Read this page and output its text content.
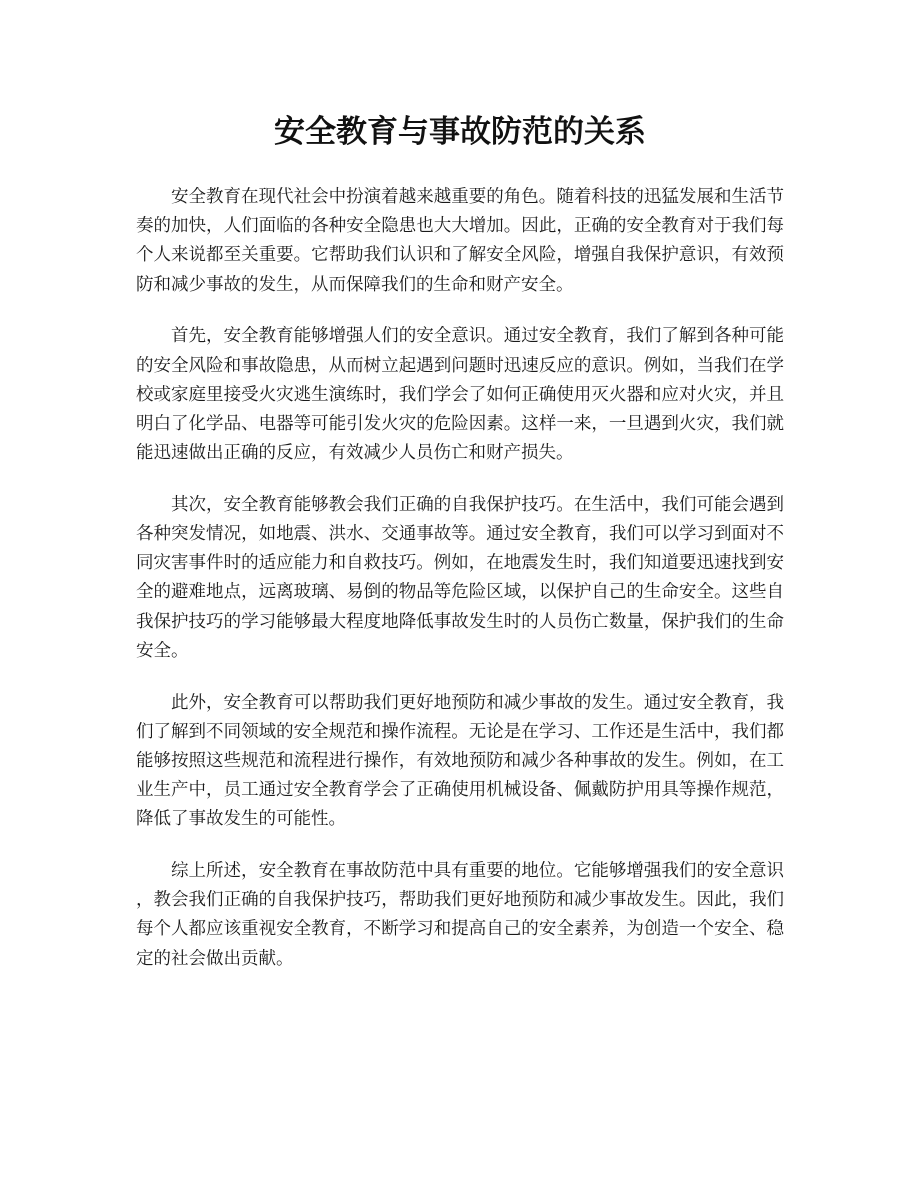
安全教育与事故防范的关系

安全教育在现代社会中扮演着越来越重要的角色。随着科技的迅猛发展和生活节奏的加快，人们面临的各种安全隐患也大大增加。因此，正确的安全教育对于我们每个人来说都至关重要。它帮助我们认识和了解安全风险，增强自我保护意识，有效预防和减少事故的发生，从而保障我们的生命和财产安全。

首先，安全教育能够增强人们的安全意识。通过安全教育，我们了解到各种可能的安全风险和事故隐患，从而树立起遇到问题时迅速反应的意识。例如，当我们在学校或家庭里接受火灾逃生演练时，我们学会了如何正确使用灭火器和应对火灾，并且明白了化学品、电器等可能引发火灾的危险因素。这样一来，一旦遇到火灾，我们就能迅速做出正确的反应，有效减少人员伤亡和财产损失。

其次，安全教育能够教会我们正确的自我保护技巧。在生活中，我们可能会遇到各种突发情况，如地震、洪水、交通事故等。通过安全教育，我们可以学习到面对不同灾害事件时的适应能力和自救技巧。例如，在地震发生时，我们知道要迅速找到安全的避难地点，远离玻璃、易倒的物品等危险区域，以保护自己的生命安全。这些自我保护技巧的学习能够最大程度地降低事故发生时的人员伤亡数量，保护我们的生命安全。

此外，安全教育可以帮助我们更好地预防和减少事故的发生。通过安全教育，我们了解到不同领域的安全规范和操作流程。无论是在学习、工作还是生活中，我们都能够按照这些规范和流程进行操作，有效地预防和减少各种事故的发生。例如，在工业生产中，员工通过安全教育学会了正确使用机械设备、佩戴防护用具等操作规范，降低了事故发生的可能性。

综上所述，安全教育在事故防范中具有重要的地位。它能够增强我们的安全意识，教会我们正确的自我保护技巧，帮助我们更好地预防和减少事故发生。因此，我们每个人都应该重视安全教育，不断学习和提高自己的安全素养，为创造一个安全、稳定的社会做出贡献。
